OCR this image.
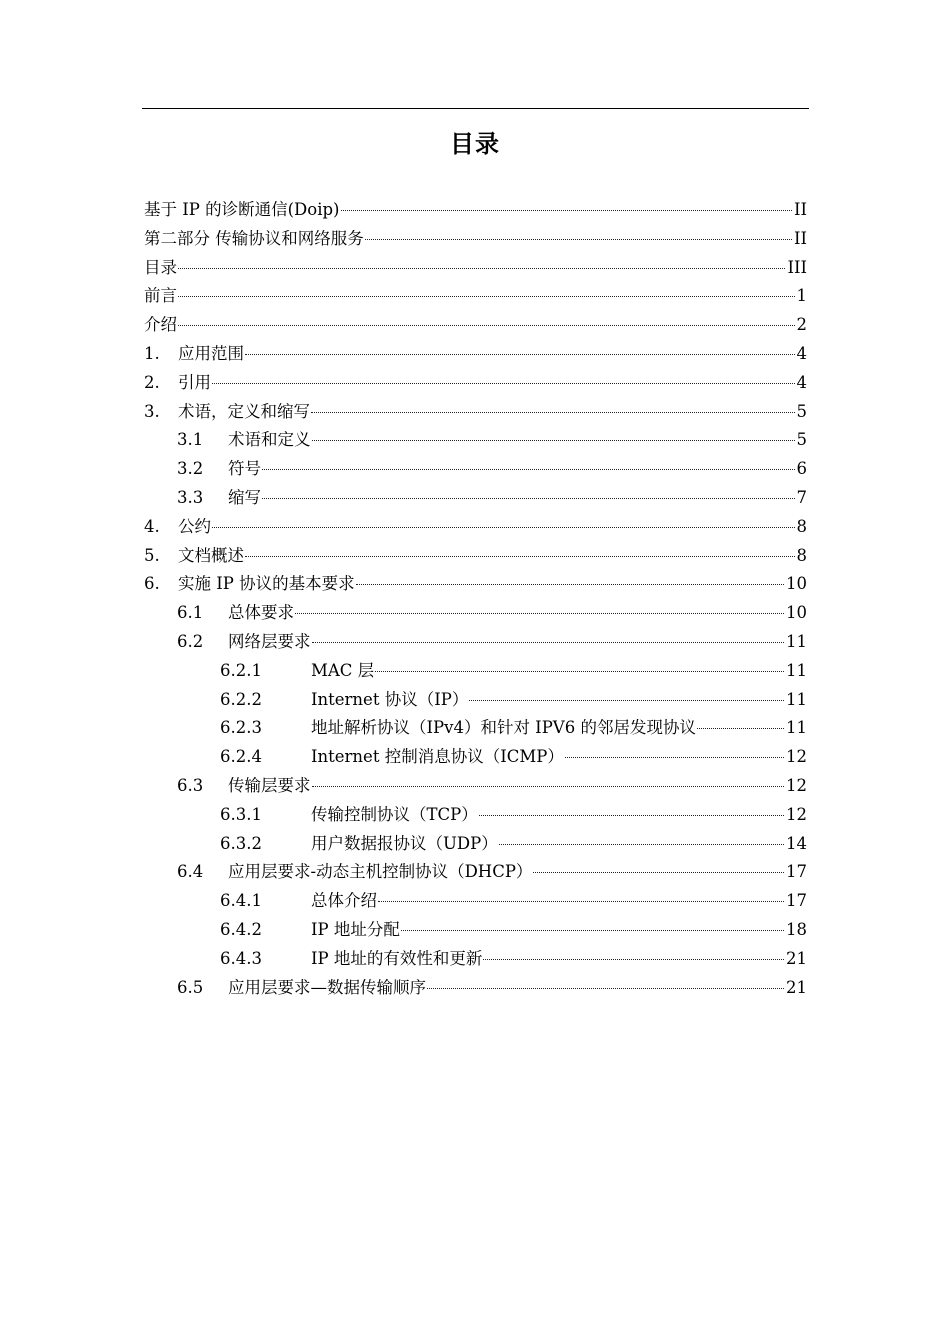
目录
基于 IP 的诊断通信(Doip)	II
第二部分 传输协议和网络服务	II
目录	III
前言	1
介绍	2
1.	应用范围	4
2.	引用	4
3.	术语，定义和缩写	5
3.1	术语和定义	5
3.2	符号	6
3.3	缩写	7
4.	公约	8
5.	文档概述	8
6.	实施 IP 协议的基本要求	10
6.1	总体要求	10
6.2	网络层要求	11
6.2.1	MAC 层	11
6.2.2	Internet 协议（IP）	11
6.2.3	地址解析协议（IPv4）和针对 IPV6 的邻居发现协议	11
6.2.4	Internet 控制消息协议（ICMP）	12
6.3	传输层要求	12
6.3.1	传输控制协议（TCP）	12
6.3.2	用户数据报协议（UDP）	14
6.4	应用层要求-动态主机控制协议（DHCP）	17
6.4.1	总体介绍	17
6.4.2	IP 地址分配	18
6.4.3	IP 地址的有效性和更新	21
6.5	应用层要求—数据传输顺序	21
